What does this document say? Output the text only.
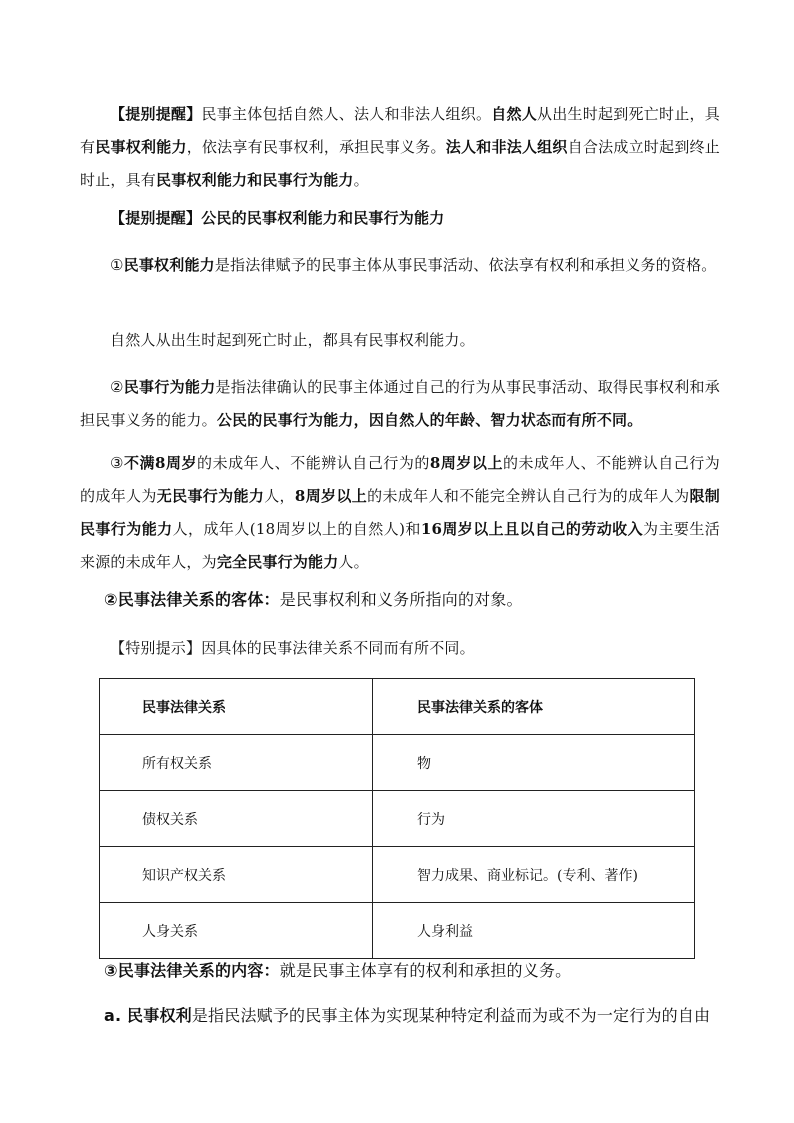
【提别提醒】民事主体包括自然人、法人和非法人组织。自然人从出生时起到死亡时止，具有民事权利能力，依法享有民事权利，承担民事义务。法人和非法人组织自合法成立时起到终止时止，具有民事权利能力和民事行为能力。

【提别提醒】公民的民事权利能力和民事行为能力

①民事权利能力是指法律赋予的民事主体从事民事活动、依法享有权利和承担义务的资格。

自然人从出生时起到死亡时止，都具有民事权利能力。

②民事行为能力是指法律确认的民事主体通过自己的行为从事民事活动、取得民事权利和承担民事义务的能力。公民的民事行为能力，因自然人的年龄、智力状态而有所不同。

③不满8周岁的未成年人、不能辨认自己行为的8周岁以上的未成年人、不能辨认自己行为的成年人为无民事行为能力人，8周岁以上的未成年人和不能完全辨认自己行为的成年人为限制民事行为能力人，成年人(18周岁以上的自然人)和16周岁以上且以自己的劳动收入为主要生活来源的未成年人，为完全民事行为能力人。

②民事法律关系的客体：是民事权利和义务所指向的对象。

【特别提示】因具体的民事法律关系不同而有所不同。

民事法律关系	民事法律关系的客体
所有权关系	物
债权关系	行为
知识产权关系	智力成果、商业标记。(专利、著作)
人身关系	人身利益

③民事法律关系的内容：就是民事主体享有的权利和承担的义务。

a. 民事权利是指民法赋予的民事主体为实现某种特定利益而为或不为一定行为的自由
